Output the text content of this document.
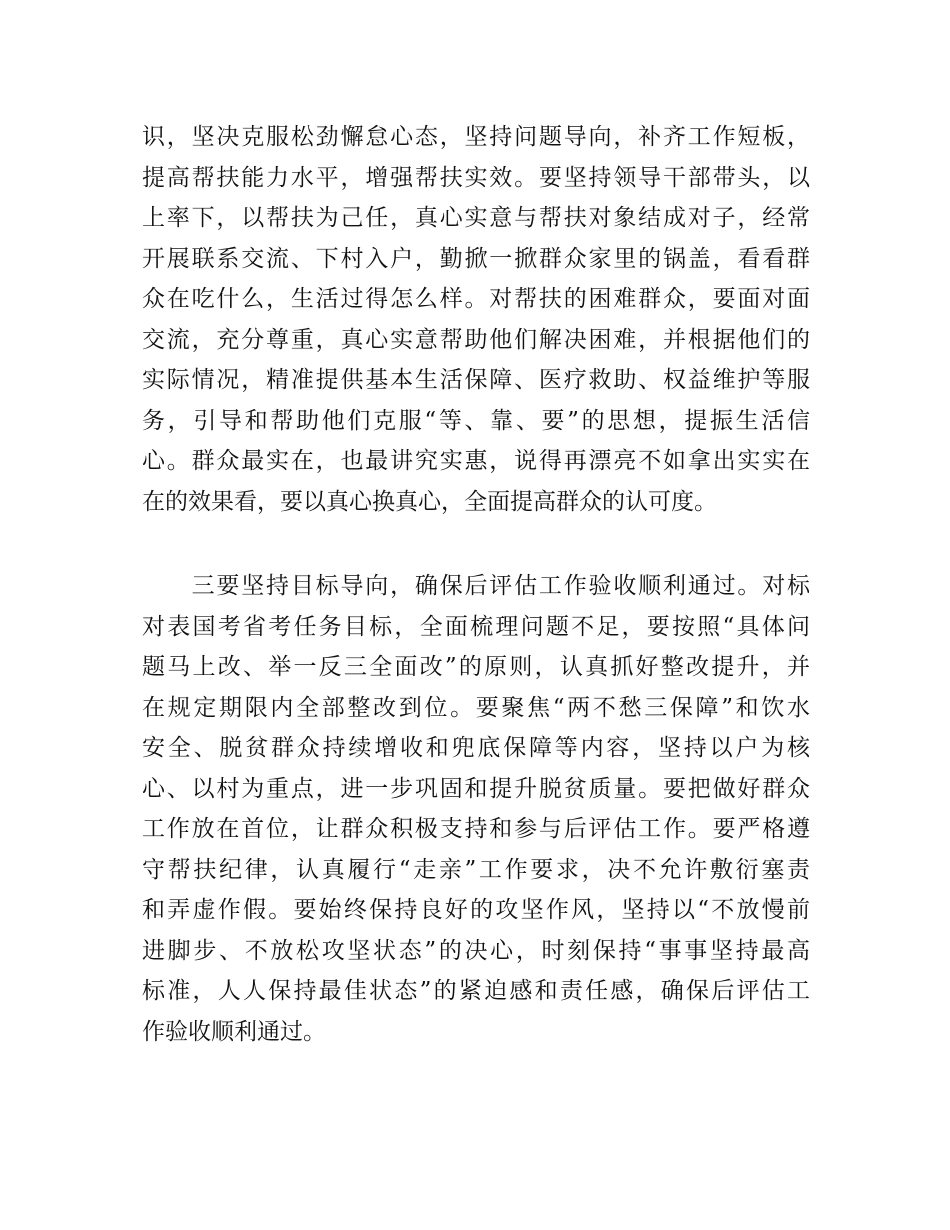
识，坚决克服松劲懈怠心态，坚持问题导向，补齐工作短板，
提高帮扶能力水平，增强帮扶实效。要坚持领导干部带头，以
上率下，以帮扶为己任，真心实意与帮扶对象结成对子，经常
开展联系交流、下村入户，勤掀一掀群众家里的锅盖，看看群
众在吃什么，生活过得怎么样。对帮扶的困难群众，要面对面
交流，充分尊重，真心实意帮助他们解决困难，并根据他们的
实际情况，精准提供基本生活保障、医疗救助、权益维护等服
务，引导和帮助他们克服“等、靠、要”的思想，提振生活信
心。群众最实在，也最讲究实惠，说得再漂亮不如拿出实实在
在的效果看，要以真心换真心，全面提高群众的认可度。
　　三要坚持目标导向，确保后评估工作验收顺利通过。对标
对表国考省考任务目标，全面梳理问题不足，要按照“具体问
题马上改、举一反三全面改”的原则，认真抓好整改提升，并
在规定期限内全部整改到位。要聚焦“两不愁三保障”和饮水
安全、脱贫群众持续增收和兜底保障等内容，坚持以户为核
心、以村为重点，进一步巩固和提升脱贫质量。要把做好群众
工作放在首位，让群众积极支持和参与后评估工作。要严格遵
守帮扶纪律，认真履行“走亲”工作要求，决不允许敷衍塞责
和弄虚作假。要始终保持良好的攻坚作风，坚持以“不放慢前
进脚步、不放松攻坚状态”的决心，时刻保持“事事坚持最高
标准，人人保持最佳状态”的紧迫感和责任感，确保后评估工
作验收顺利通过。
